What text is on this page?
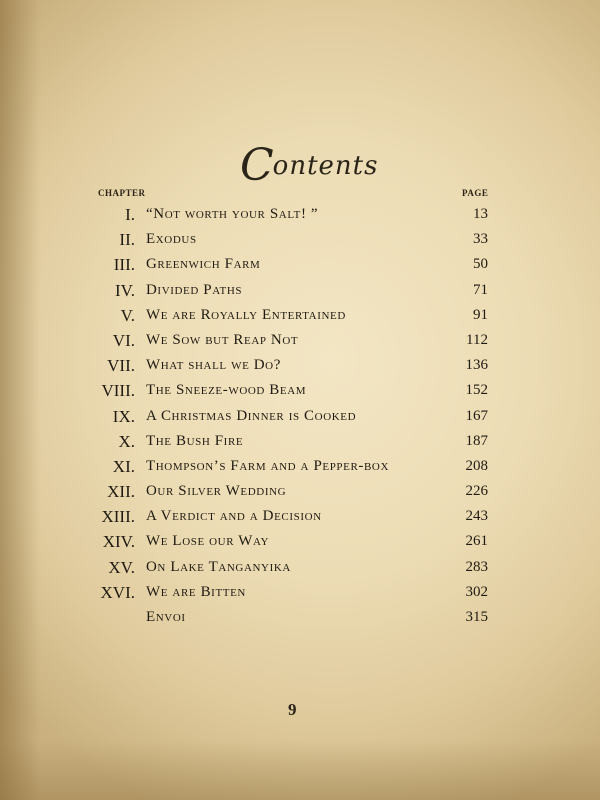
Contents
CHAPTER	PAGE
I. “Not worth your Salt! ”	13
II. Exodus	33
III. Greenwich Farm	50
IV. Divided Paths	71
V. We are Royally Entertained	91
VI. We Sow but Reap Not	112
VII. What shall we Do?	136
VIII. The Sneeze-wood Beam	152
IX. A Christmas Dinner is Cooked	167
X. The Bush Fire	187
XI. Thompson’s Farm and a Pepper-box	208
XII. Our Silver Wedding	226
XIII. A Verdict and a Decision	243
XIV. We Lose our Way	261
XV. On Lake Tanganyika	283
XVI. We are Bitten	302
Envoi	315
9
